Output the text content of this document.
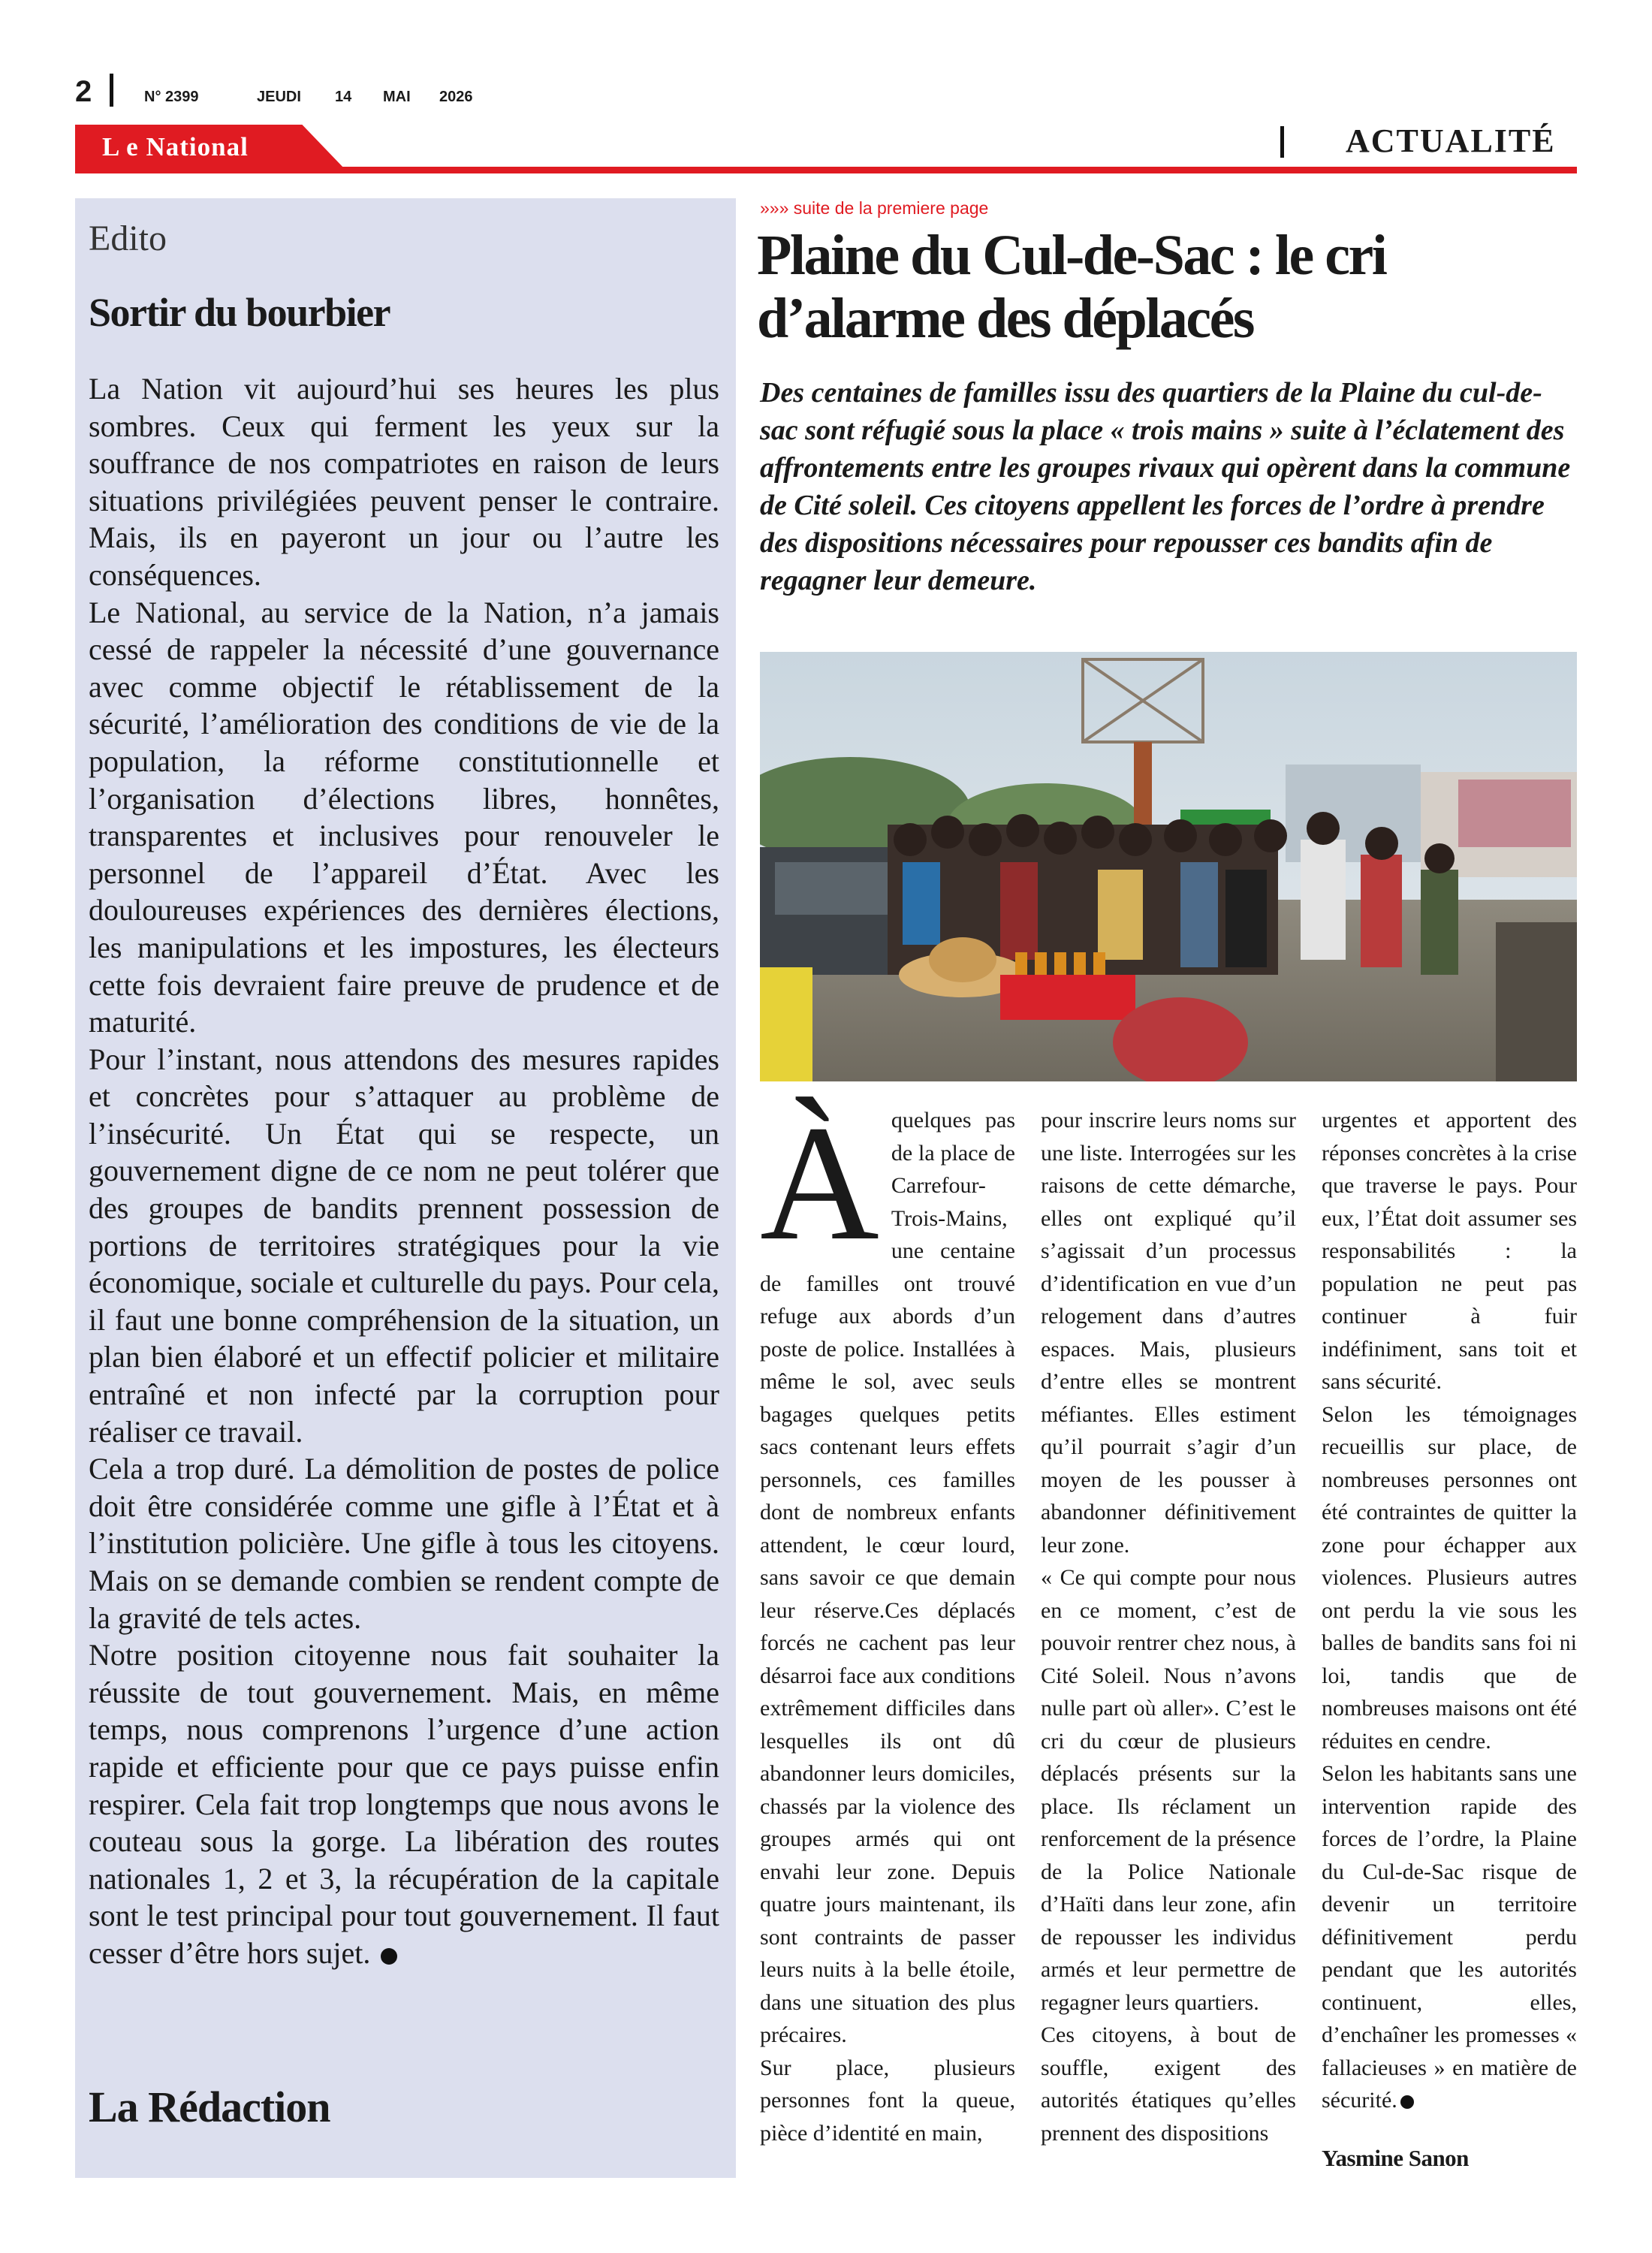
2	N° 2399	JEUDI 14 MAI 2026
L e National	ACTUALITÉ
Edito
Sortir du bourbier

La Nation vit aujourd’hui ses heures les plus sombres. Ceux qui ferment les yeux sur la souffrance de nos compatriotes en raison de leurs situations privilégiées peuvent penser le contraire. Mais, ils en payeront un jour ou l’autre les conséquences.

Le National, au service de la Nation, n’a jamais cessé de rappeler la nécessité d’une gouvernance avec comme objectif le rétablissement de la sécurité, l’amélioration des conditions de vie de la population, la réforme constitutionnelle et l’organisation d’élections libres, honnêtes, transparentes et inclusives pour renouveler le personnel de l’appareil d’État. Avec les douloureuses expériences des dernières élections, les manipulations et les impostures, les électeurs cette fois devraient faire preuve de prudence et de maturité.

Pour l’instant, nous attendons des mesures rapides et concrètes pour s’attaquer au problème de l’insécurité. Un État qui se respecte, un gouvernement digne de ce nom ne peut tolérer que des groupes de bandits prennent possession de portions de territoires stratégiques pour la vie économique, sociale et culturelle du pays. Pour cela, il faut une bonne compréhension de la situation, un plan bien élaboré et un effectif policier et militaire entraîné et non infecté par la corruption pour réaliser ce travail.

Cela a trop duré. La démolition de postes de police doit être considérée comme une gifle à l’État et à l’institution policière. Une gifle à tous les citoyens. Mais on se demande combien se rendent compte de la gravité de tels actes.

Notre position citoyenne nous fait souhaiter la réussite de tout gouvernement. Mais, en même temps, nous comprenons l’urgence d’une action rapide et efficiente pour que ce pays puisse enfin respirer. Cela fait trop longtemps que nous avons le couteau sous la gorge. La libération des routes nationales 1, 2 et 3, la récupération de la capitale sont le test principal pour tout gouvernement. Il faut cesser d’être hors sujet.

La Rédaction
»»» suite de la premiere page
Plaine du Cul-de-Sac : le cri d’alarme des déplacés

Des centaines de familles issu des quartiers de la Plaine du cul-de-sac sont réfugié sous la place « trois mains » suite à l’éclatement des affrontements entre les groupes rivaux qui opèrent dans la commune de Cité soleil. Ces citoyens appellent les forces de l’ordre à prendre des dispositions nécessaires pour repousser ces bandits afin de regagner leur demeure.

À quelques pas de la place de Carrefour-Trois-Mains, une centaine de familles ont trouvé refuge aux abords d’un poste de police. Installées à même le sol, avec seuls bagages quelques petits sacs contenant leurs effets personnels, ces familles dont de nombreux enfants attendent, le cœur lourd, sans savoir ce que demain leur réserve.Ces déplacés forcés ne cachent pas leur désarroi face aux conditions extrêmement difficiles dans lesquelles ils ont dû abandonner leurs domiciles, chassés par la violence des groupes armés qui ont envahi leur zone. Depuis quatre jours maintenant, ils sont contraints de passer leurs nuits à la belle étoile, dans une situation des plus précaires.

Sur place, plusieurs personnes font la queue, pièce d’identité en main,

pour inscrire leurs noms sur une liste. Interrogées sur les raisons de cette démarche, elles ont expliqué qu’il s’agissait d’un processus d’identification en vue d’un relogement dans d’autres espaces. Mais, plusieurs d’entre elles se montrent méfiantes. Elles estiment qu’il pourrait s’agir d’un moyen de les pousser à abandonner définitivement leur zone.

« Ce qui compte pour nous en ce moment, c’est de pouvoir rentrer chez nous, à Cité Soleil. Nous n’avons nulle part où aller». C’est le cri du cœur de plusieurs déplacés présents sur la place. Ils réclament un renforcement de la présence de la Police Nationale d’Haïti dans leur zone, afin de repousser les individus armés et leur permettre de regagner leurs quartiers.

Ces citoyens, à bout de souffle, exigent des autorités étatiques qu’elles prennent des dispositions

urgentes et apportent des réponses concrètes à la crise que traverse le pays. Pour eux, l’État doit assumer ses responsabilités : la population ne peut pas continuer à fuir indéfiniment, sans toit et sans sécurité.

Selon les témoignages recueillis sur place, de nombreuses personnes ont été contraintes de quitter la zone pour échapper aux violences. Plusieurs autres ont perdu la vie sous les balles de bandits sans foi ni loi, tandis que de nombreuses maisons ont été réduites en cendre.

Selon les habitants sans une intervention rapide des forces de l’ordre, la Plaine du Cul-de-Sac risque de devenir un territoire définitivement perdu pendant que les autorités continuent, elles, d’enchaîner les promesses « fallacieuses » en matière de sécurité.

Yasmine Sanon
